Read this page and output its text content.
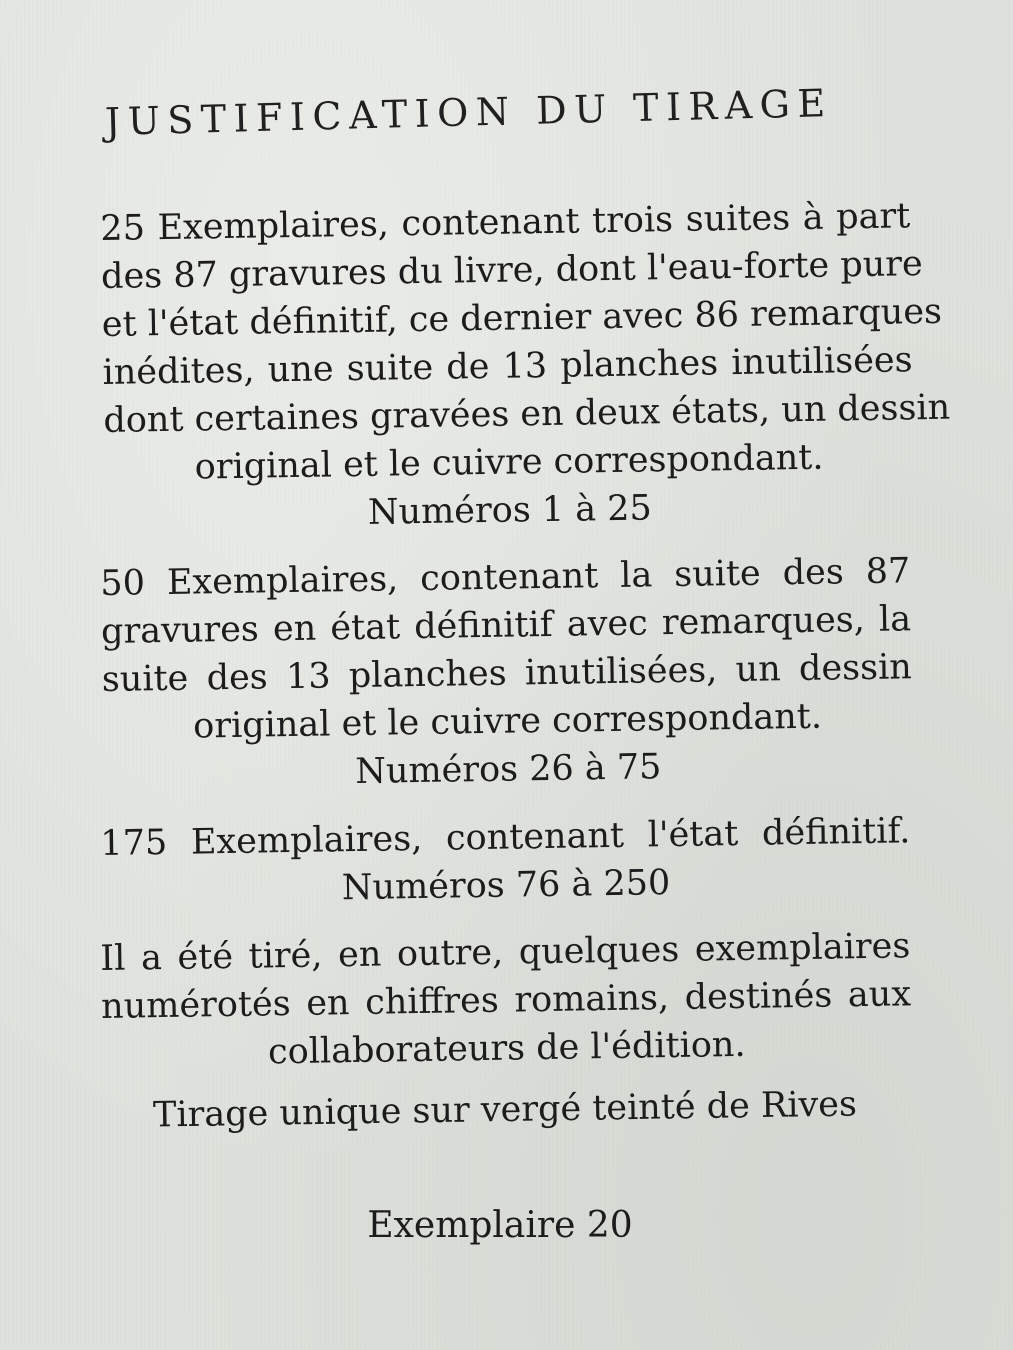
JUSTIFICATION DU TIRAGE
25 Exemplaires, contenant trois suites à part
des 87 gravures du livre, dont l'eau-forte pure
et l'état définitif, ce dernier avec 86 remarques
inédites, une suite de 13 planches inutilisées
dont certaines gravées en deux états, un dessin
original et le cuivre correspondant.
Numéros 1 à 25
50 Exemplaires, contenant la suite des 87
gravures en état définitif avec remarques, la
suite des 13 planches inutilisées, un dessin
original et le cuivre correspondant.
Numéros 26 à 75
175 Exemplaires, contenant l'état définitif.
Numéros 76 à 250
Il a été tiré, en outre, quelques exemplaires
numérotés en chiffres romains, destinés aux
collaborateurs de l'édition.
Tirage unique sur vergé teinté de Rives
Exemplaire 20
